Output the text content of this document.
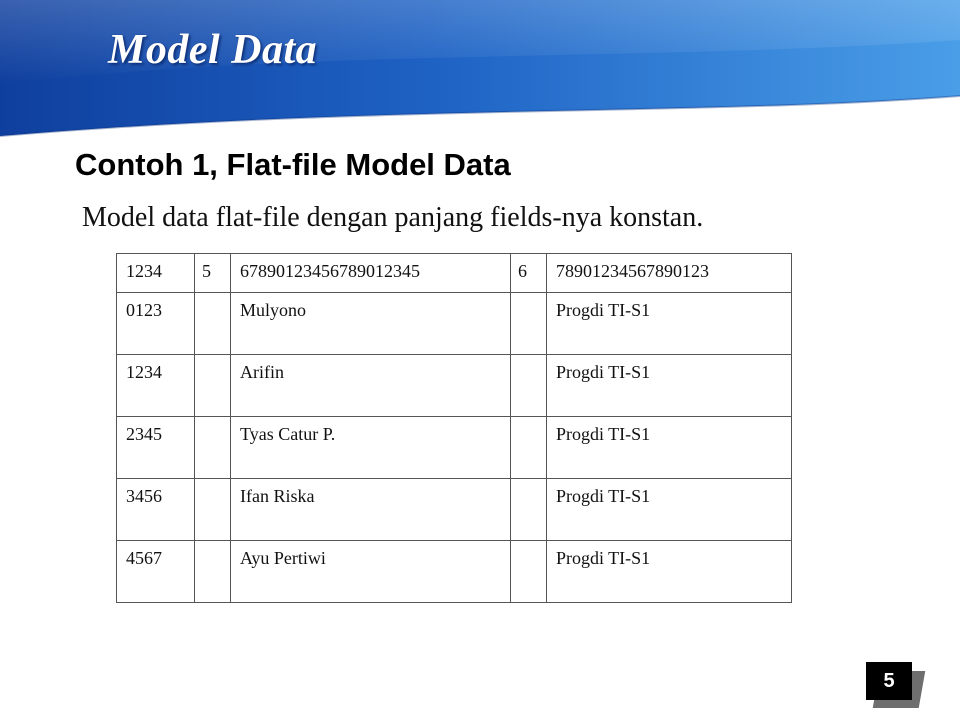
Model Data
Contoh 1, Flat-file Model Data

Model data flat-file dengan panjang fields-nya konstan.

1234	5	67890123456789012345	6	78901234567890123
0123		Mulyono		Progdi TI-S1
1234		Arifin		Progdi TI-S1
2345		Tyas Catur P.		Progdi TI-S1
3456		Ifan Riska		Progdi TI-S1
4567		Ayu Pertiwi		Progdi TI-S1
5
